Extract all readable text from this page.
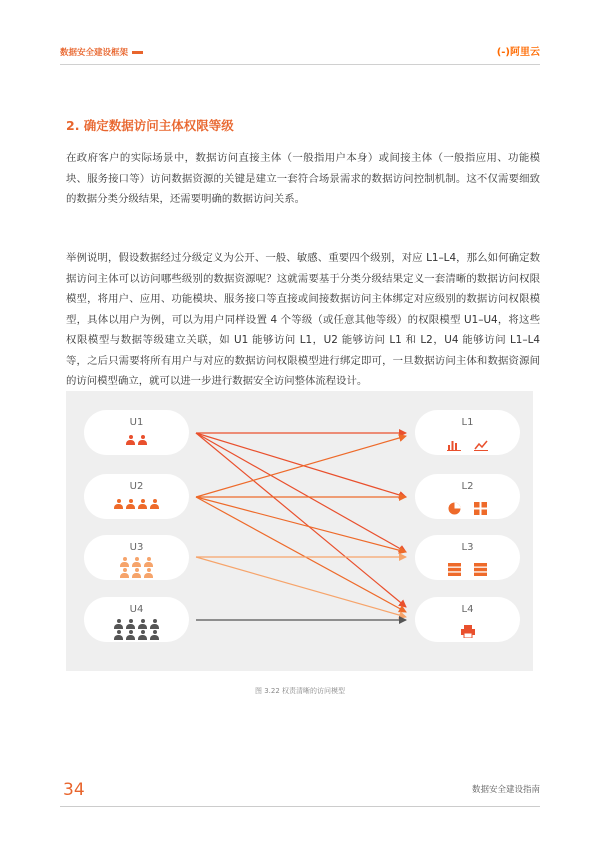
数据安全建设框架	(-)阿里云
2. 确定数据访问主体权限等级
在政府客户的实际场景中，数据访问直接主体（一般指用户本身）或间接主体（一般指应用、功能模块、服务接口等）访问数据资源的关键是建立一套符合场景需求的数据访问控制机制。这不仅需要细致的数据分类分级结果，还需要明确的数据访问关系。
举例说明，假设数据经过分级定义为公开、一般、敏感、重要四个级别，对应 L1–L4，那么如何确定数据访问主体可以访问哪些级别的数据资源呢？这就需要基于分类分级结果定义一套清晰的数据访问权限模型，将用户、应用、功能模块、服务接口等直接或间接数据访问主体绑定对应级别的数据访问权限模型，具体以用户为例，可以为用户同样设置 4 个等级（或任意其他等级）的权限模型 U1–U4，将这些权限模型与数据等级建立关联，如 U1 能够访问 L1，U2 能够访问 L1 和 L2，U4 能够访问 L1–L4 等，之后只需要将所有用户与对应的数据访问权限模型进行绑定即可，一旦数据访问主体和数据资源间的访问模型确立，就可以进一步进行数据安全访问整体流程设计。
U1
U2
U3
U4
L1

L2

L3

L4
图 3.22 权责清晰的访问模型
34	数据安全建设指南
